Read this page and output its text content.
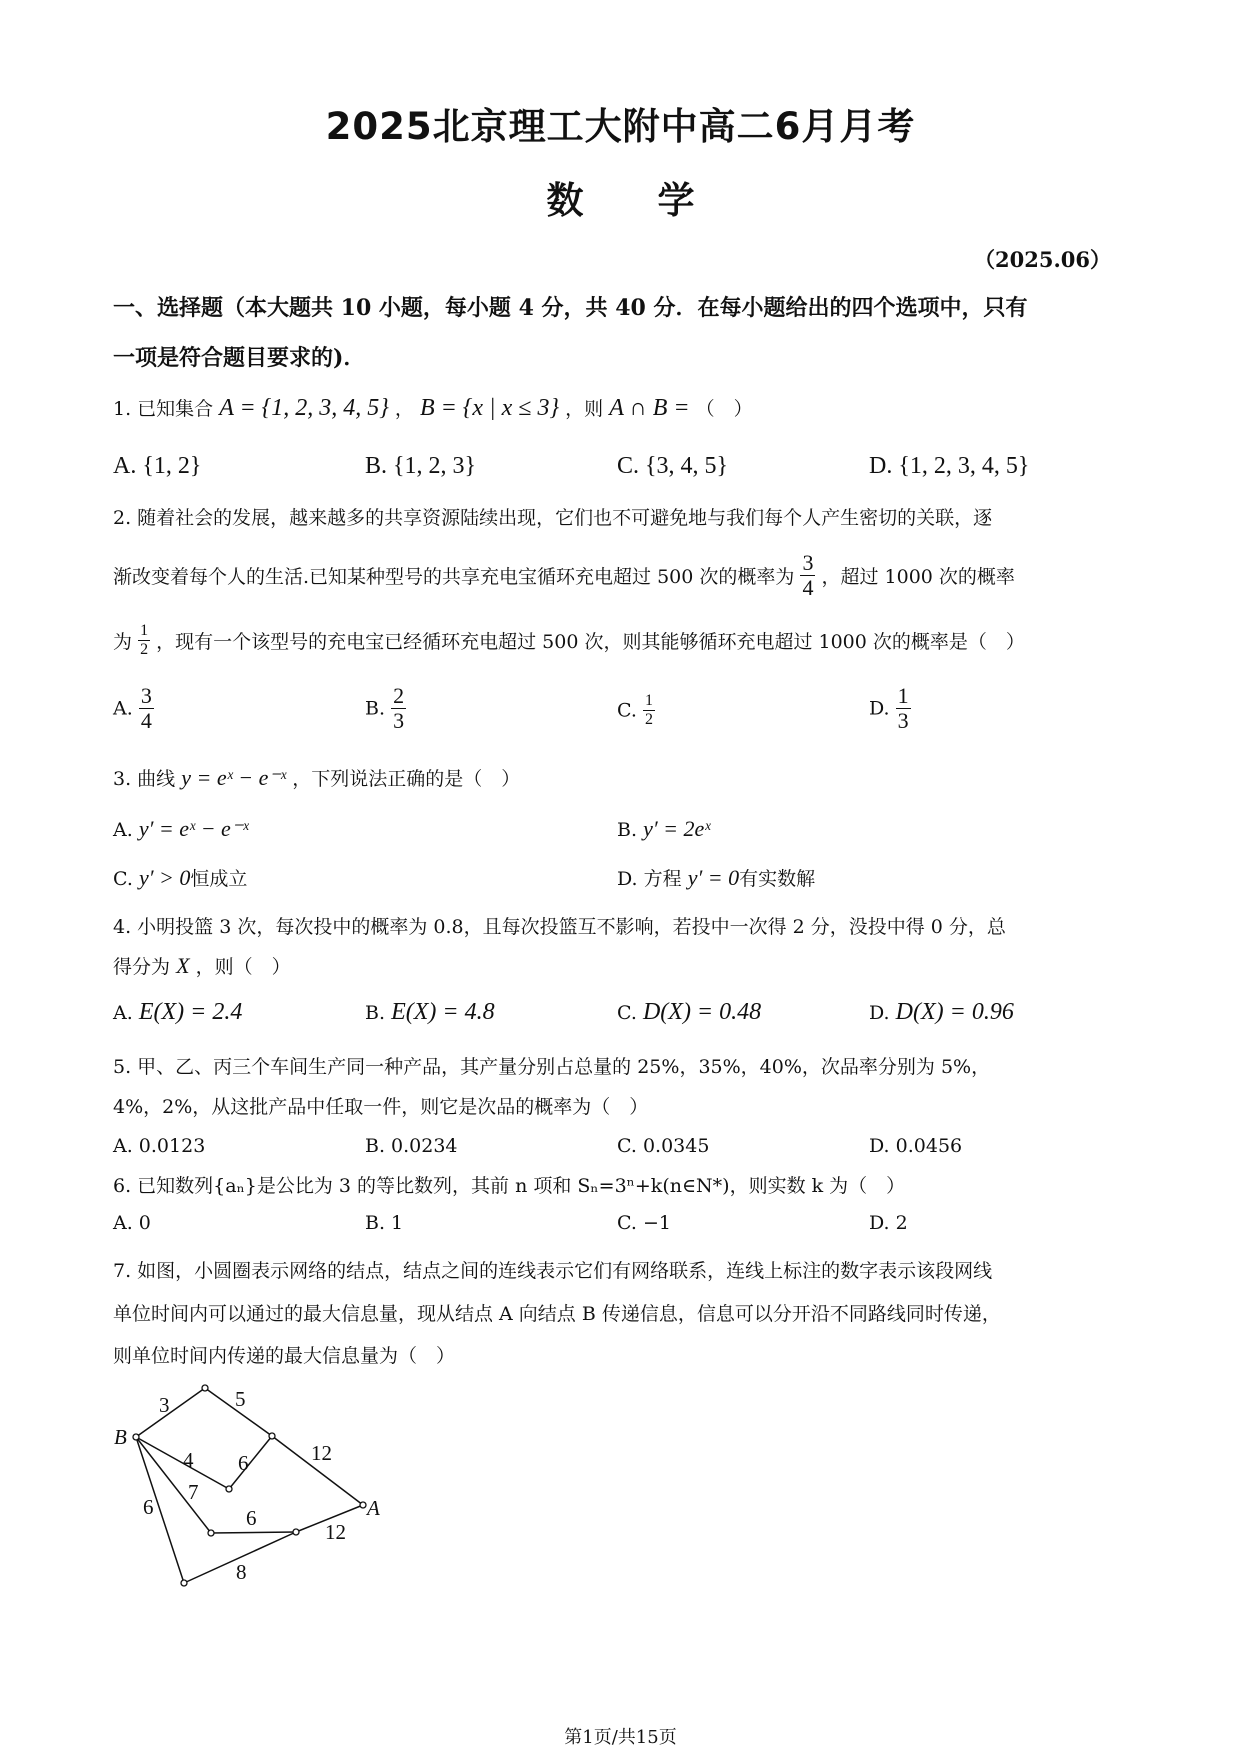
2025北京理工大附中高二6月月考
数　　学
（2025.06）
一、选择题（本大题共 10 小题，每小题 4 分，共 40 分．在每小题给出的四个选项中，只有
一项是符合题目要求的)．
1. 已知集合 A = {1, 2, 3, 4, 5} ， B = {x | x ≤ 3} ，则 A ∩ B = （　）
A. {1, 2}	B. {1, 2, 3}	C. {3, 4, 5}	D. {1, 2, 3, 4, 5}
2. 随着社会的发展，越来越多的共享资源陆续出现，它们也不可避免地与我们每个人产生密切的关联，逐
渐改变着每个人的生活.已知某种型号的共享充电宝循环充电超过 500 次的概率为 $\frac{3}{4}$ ，超过 1000 次的概率
为 $\frac{1}{2}$ ，现有一个该型号的充电宝已经循环充电超过 500 次，则其能够循环充电超过 1000 次的概率是（　）
A. $\frac{3}{4}$	B. $\frac{2}{3}$	C. $\frac{1}{2}$	D. $\frac{1}{3}$
3. 曲线 y = eˣ − e⁻ˣ ，下列说法正确的是（　）
A. y′ = eˣ − e⁻ˣ	B. y′ = 2eˣ
C. y′ > 0恒成立	D. 方程 y′ = 0有实数解
4. 小明投篮 3 次，每次投中的概率为 0.8，且每次投篮互不影响，若投中一次得 2 分，没投中得 0 分，总
得分为 X ，则（　）
A. E(X) = 2.4	B. E(X) = 4.8	C. D(X) = 0.48	D. D(X) = 0.96
5. 甲、乙、丙三个车间生产同一种产品，其产量分别占总量的 25%，35%，40%，次品率分别为 5%，
4%，2%，从这批产品中任取一件，则它是次品的概率为（　）
A. 0.0123	B. 0.0234	C. 0.0345	D. 0.0456
6. 已知数列{aₙ}是公比为 3 的等比数列，其前 n 项和 Sₙ=3ⁿ+k(n∈N*)，则实数 k 为（　）
A. 0	B. 1	C. −1	D. 2
7. 如图，小圆圈表示网络的结点，结点之间的连线表示它们有网络联系，连线上标注的数字表示该段网线
单位时间内可以通过的最大信息量，现从结点 A 向结点 B 传递信息，信息可以分开沿不同路线同时传递，
则单位时间内传递的最大信息量为（　）
B
A
3	5
4 6	12
7
6	6
12
8
第1页/共15页
